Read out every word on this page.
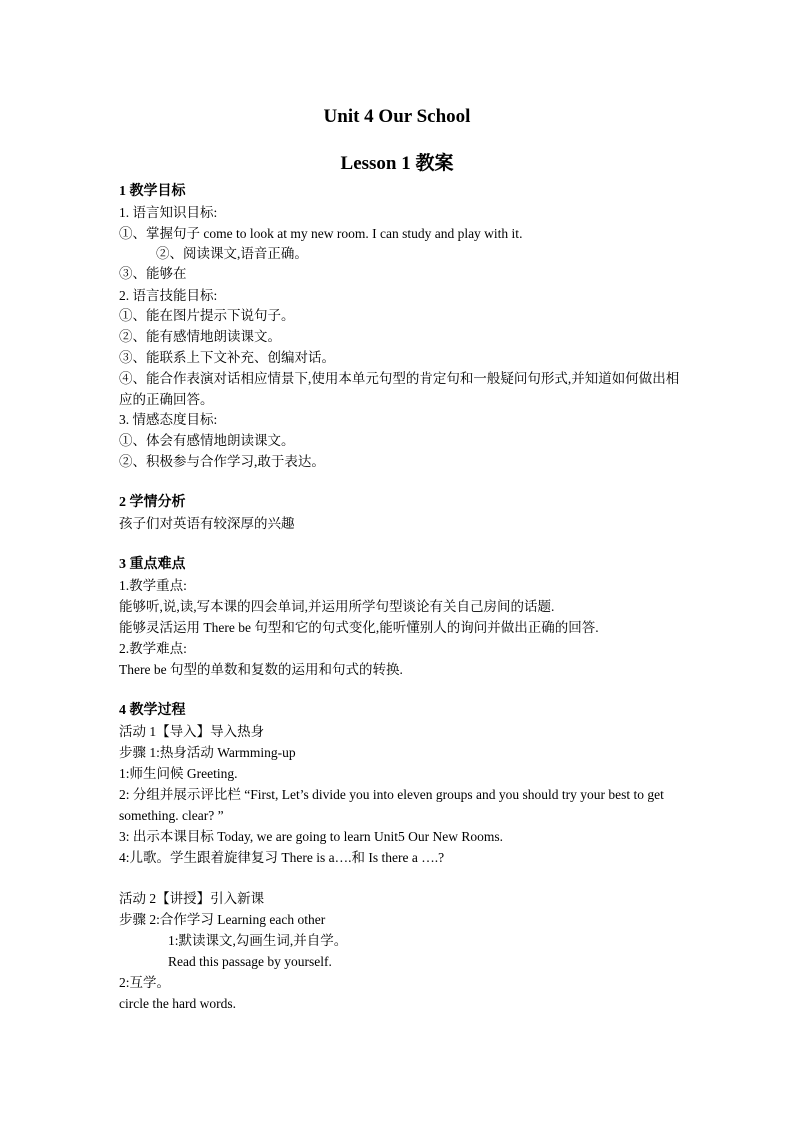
Unit 4 Our School
Lesson 1 教案
1 教学目标
1. 语言知识目标:
①、掌握句子 come to look at my new room. I can study and play with it.
②、阅读课文,语音正确。
③、能够在
2. 语言技能目标:
①、能在图片提示下说句子。
②、能有感情地朗读课文。
③、能联系上下文补充、创编对话。
④、能合作表演对话相应情景下,使用本单元句型的肯定句和一般疑问句形式,并知道如何做出相应的正确回答。
3. 情感态度目标:
①、体会有感情地朗读课文。
②、积极参与合作学习,敢于表达。
2 学情分析
孩子们对英语有较深厚的兴趣
3 重点难点
1.教学重点:
能够听,说,读,写本课的四会单词,并运用所学句型谈论有关自己房间的话题.
能够灵活运用 There be 句型和它的句式变化,能听懂别人的询问并做出正确的回答.
2.教学难点:
There be 句型的单数和复数的运用和句式的转换.
4 教学过程
活动 1【导入】导入热身
步骤 1:热身活动 Warmming-up
1:师生问候 Greeting.
2: 分组并展示评比栏 “First, Let’s divide you into eleven groups and you should try your best to get something. clear? ”
3: 出示本课目标 Today, we are going to learn Unit5 Our New Rooms.
4:儿歌。学生跟着旋律复习 There is a….和 Is there a ….?
活动 2【讲授】引入新课
步骤 2:合作学习 Learning each other
1:默读课文,勾画生词,并自学。
Read this passage by yourself.
2:互学。
circle the hard words.
